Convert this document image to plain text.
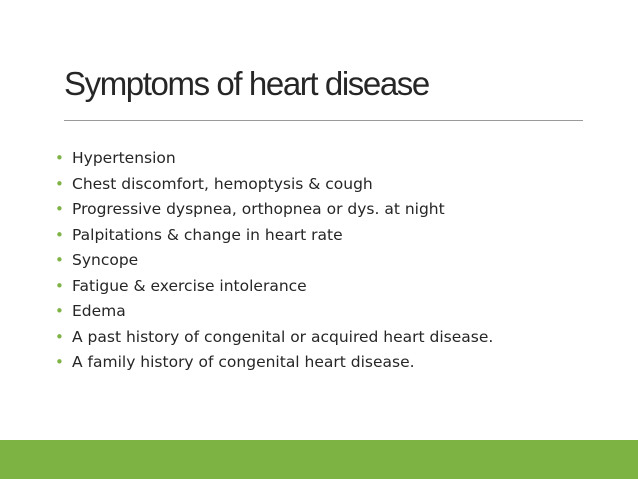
Symptoms of heart disease
• Hypertension
• Chest discomfort, hemoptysis & cough
• Progressive dyspnea, orthopnea or dys. at night
• Palpitations & change in heart rate
• Syncope
• Fatigue & exercise intolerance
• Edema
• A past history of congenital or acquired heart disease.
• A family history of congenital heart disease.
